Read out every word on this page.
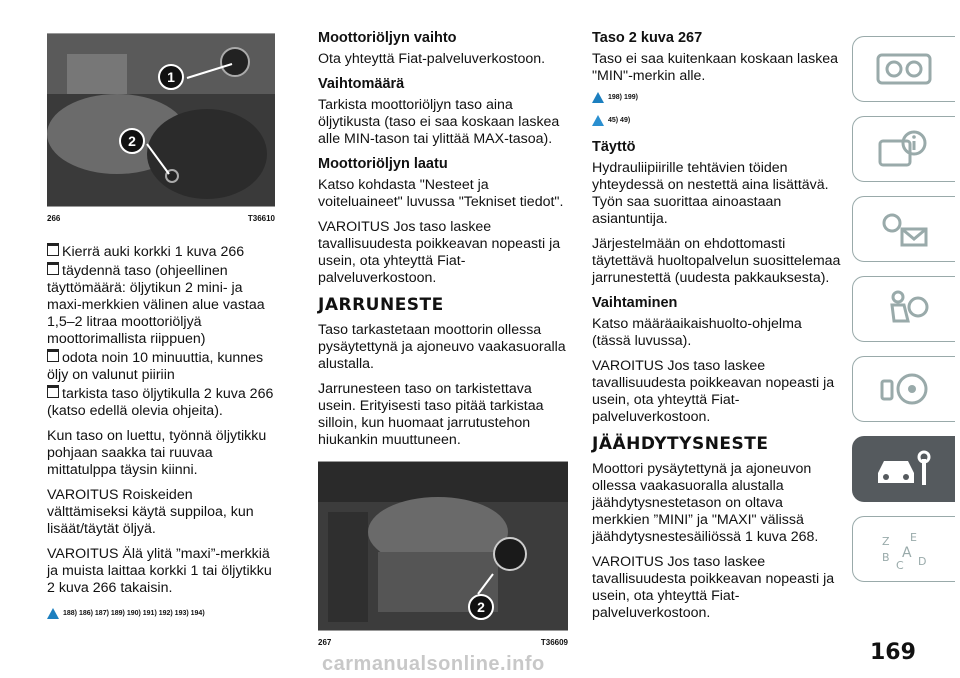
1
2
266	T36610

Kierrä auki korkki 1 kuva 266

täydennä taso (ohjeellinen täyttömäärä: öljytikun 2 mini- ja maxi-merkkien välinen alue vastaa 1,5–2 litraa moottoriöljyä moottorimallista riippuen)

odota noin 10 minuuttia, kunnes öljy on valunut piiriin

tarkista taso öljytikulla 2 kuva 266 (katso edellä olevia ohjeita).

Kun taso on luettu, työnnä öljytikku pohjaan saakka tai ruuvaa mittatulppa täysin kiinni.

VAROITUS Roiskeiden välttämiseksi käytä suppiloa, kun lisäät/täytät öljyä.

VAROITUS Älä ylitä ”maxi”-merkkiä ja muista laittaa korkki 1 tai öljytikku 2 kuva 266 takaisin.

188) 186) 187) 189) 190) 191) 192) 193) 194)
Moottoriöljyn vaihto

Ota yhteyttä Fiat-palveluverkostoon.

Vaihtomäärä

Tarkista moottoriöljyn taso aina öljytikusta (taso ei saa koskaan laskea alle MIN-tason tai ylittää MAX-tasoa).

Moottoriöljyn laatu

Katso kohdasta "Nesteet ja voiteluaineet" luvussa "Tekniset tiedot".

VAROITUS Jos taso laskee tavallisuudesta poikkeavan nopeasti ja usein, ota yhteyttä Fiat-palveluverkostoon.

JARRUNESTE

Taso tarkastetaan moottorin ollessa pysäytettynä ja ajoneuvo vaakasuoralla alustalla.

Jarrunesteen taso on tarkistettava usein. Erityisesti taso pitää tarkistaa silloin, kun huomaat jarrutustehon hiukankin muuttuneen.

2
267	T36609
Taso 2 kuva 267

Taso ei saa kuitenkaan koskaan laskea "MIN"-merkin alle.

198) 199)
45) 49)
Täyttö

Hydrauliipiirille tehtävien töiden yhteydessä on nestettä aina lisättävä. Työn saa suorittaa ainoastaan asiantuntija.

Järjestelmään on ehdottomasti täytettävä huoltopalvelun suosittelemaa jarrunestettä (uudesta pakkauksesta).

Vaihtaminen

Katso määräaikaishuolto-ohjelma (tässä luvussa).

VAROITUS Jos taso laskee tavallisuudesta poikkeavan nopeasti ja usein, ota yhteyttä Fiat-palveluverkostoon.

JÄÄHDYTYSNESTE

Moottori pysäytettynä ja ajoneuvon ollessa vaakasuoralla alustalla jäähdytysnestetason on oltava merkkien ”MINI” ja "MAXI" välissä jäähdytysnestesäiliössä 1 kuva 268.

VAROITUS Jos taso laskee tavallisuudesta poikkeavan nopeasti ja usein, ota yhteyttä Fiat-palveluverkostoon.

Z E
B A
D
C
169
carmanualsonline.info
